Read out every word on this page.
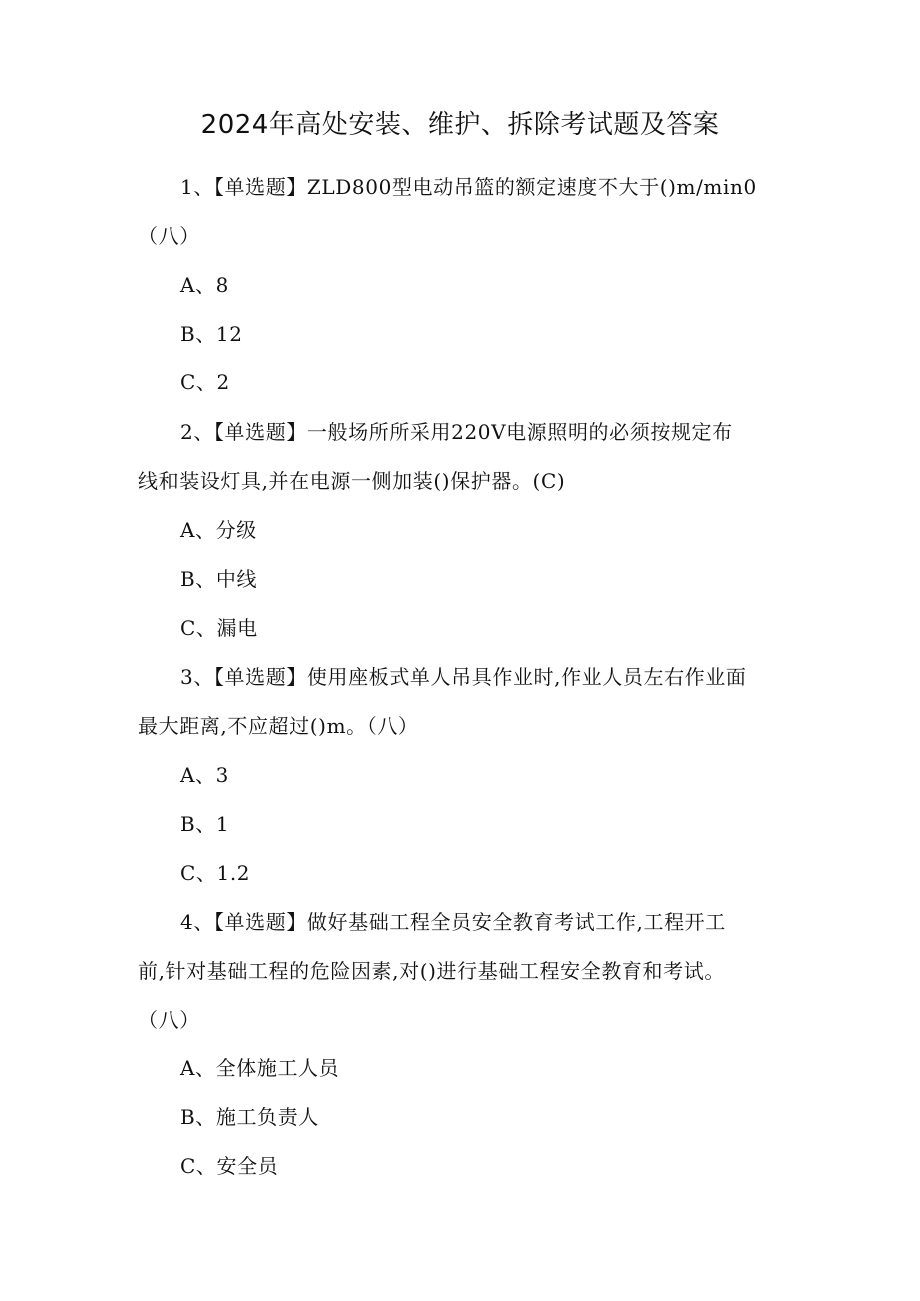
2024年高处安装、维护、拆除考试题及答案
1、【单选题】ZLD800型电动吊篮的额定速度不大于()m/min0
（八）
A、8
B、12
C、2
2、【单选题】一般场所所采用220V电源照明的必须按规定布
线和装设灯具,并在电源一侧加装()保护器。(C)
A、分级
B、中线
C、漏电
3、【单选题】使用座板式单人吊具作业时,作业人员左右作业面
最大距离,不应超过()m。（八）
A、3
B、1
C、1.2
4、【单选题】做好基础工程全员安全教育考试工作,工程开工
前,针对基础工程的危险因素,对()进行基础工程安全教育和考试。
（八）
A、全体施工人员
B、施工负责人
C、安全员
